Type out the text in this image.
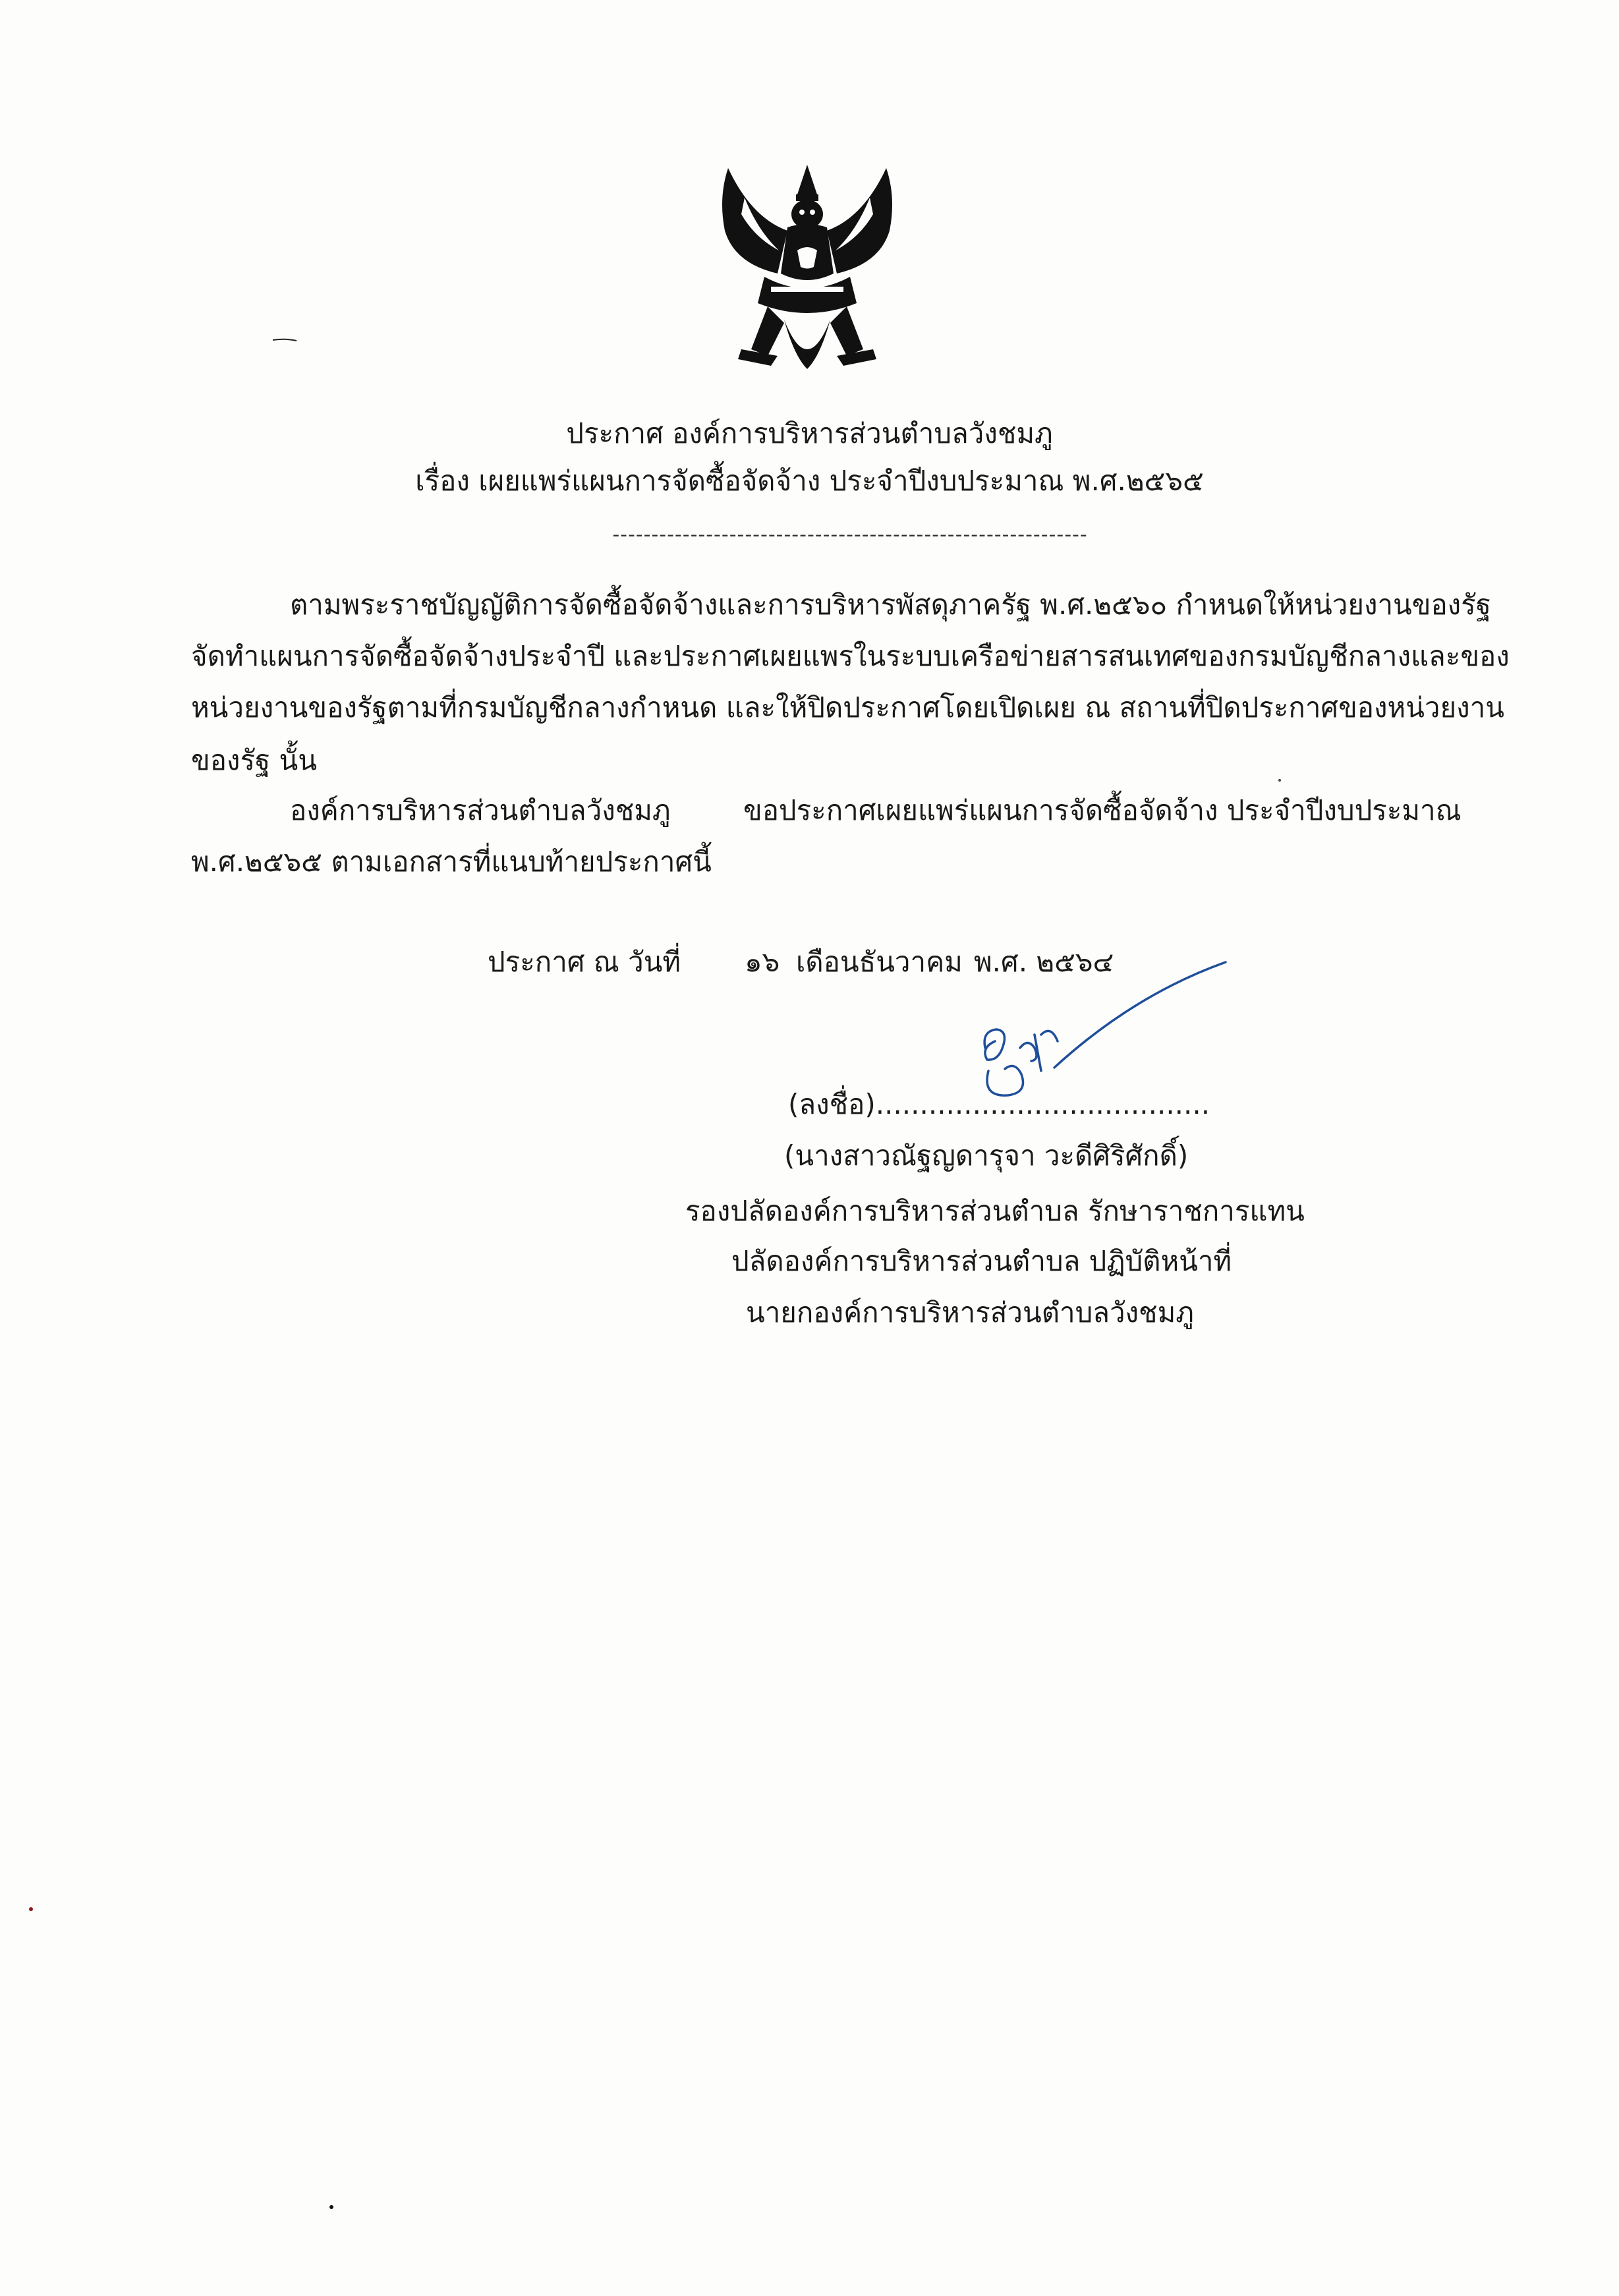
ประกาศ องค์การบริหารส่วนตำบลวังชมภู
เรื่อง เผยแพร่แผนการจัดซื้อจัดจ้าง ประจำปีงบประมาณ พ.ศ.๒๕๖๕
-------------------------------------------------------------
ตามพระราชบัญญัติการจัดซื้อจัดจ้างและการบริหารพัสดุภาครัฐ พ.ศ.๒๕๖๐ กำหนดให้หน่วยงานของรัฐ
จัดทำแผนการจัดซื้อจัดจ้างประจำปี และประกาศเผยแพรในระบบเครือข่ายสารสนเทศของกรมบัญชีกลางและของ
หน่วยงานของรัฐตามที่กรมบัญชีกลางกำหนด และให้ปิดประกาศโดยเปิดเผย ณ สถานที่ปิดประกาศของหน่วยงาน
ของรัฐ นั้น
องค์การบริหารส่วนตำบลวังชมภู	ขอประกาศเผยแพร่แผนการจัดซื้อจัดจ้าง ประจำปีงบประมาณ
พ.ศ.๒๕๖๕ ตามเอกสารที่แนบท้ายประกาศนี้
ประกาศ ณ วันที่ ๑๖ เดือนธันวาคม พ.ศ. ๒๕๖๔
(ลงชื่อ)......................................
(นางสาวณัฐญดารุจา วะดีศิริศักดิ์)
รองปลัดองค์การบริหารส่วนตำบล รักษาราชการแทน
ปลัดองค์การบริหารส่วนตำบล ปฏิบัติหน้าที่
นายกองค์การบริหารส่วนตำบลวังชมภู
